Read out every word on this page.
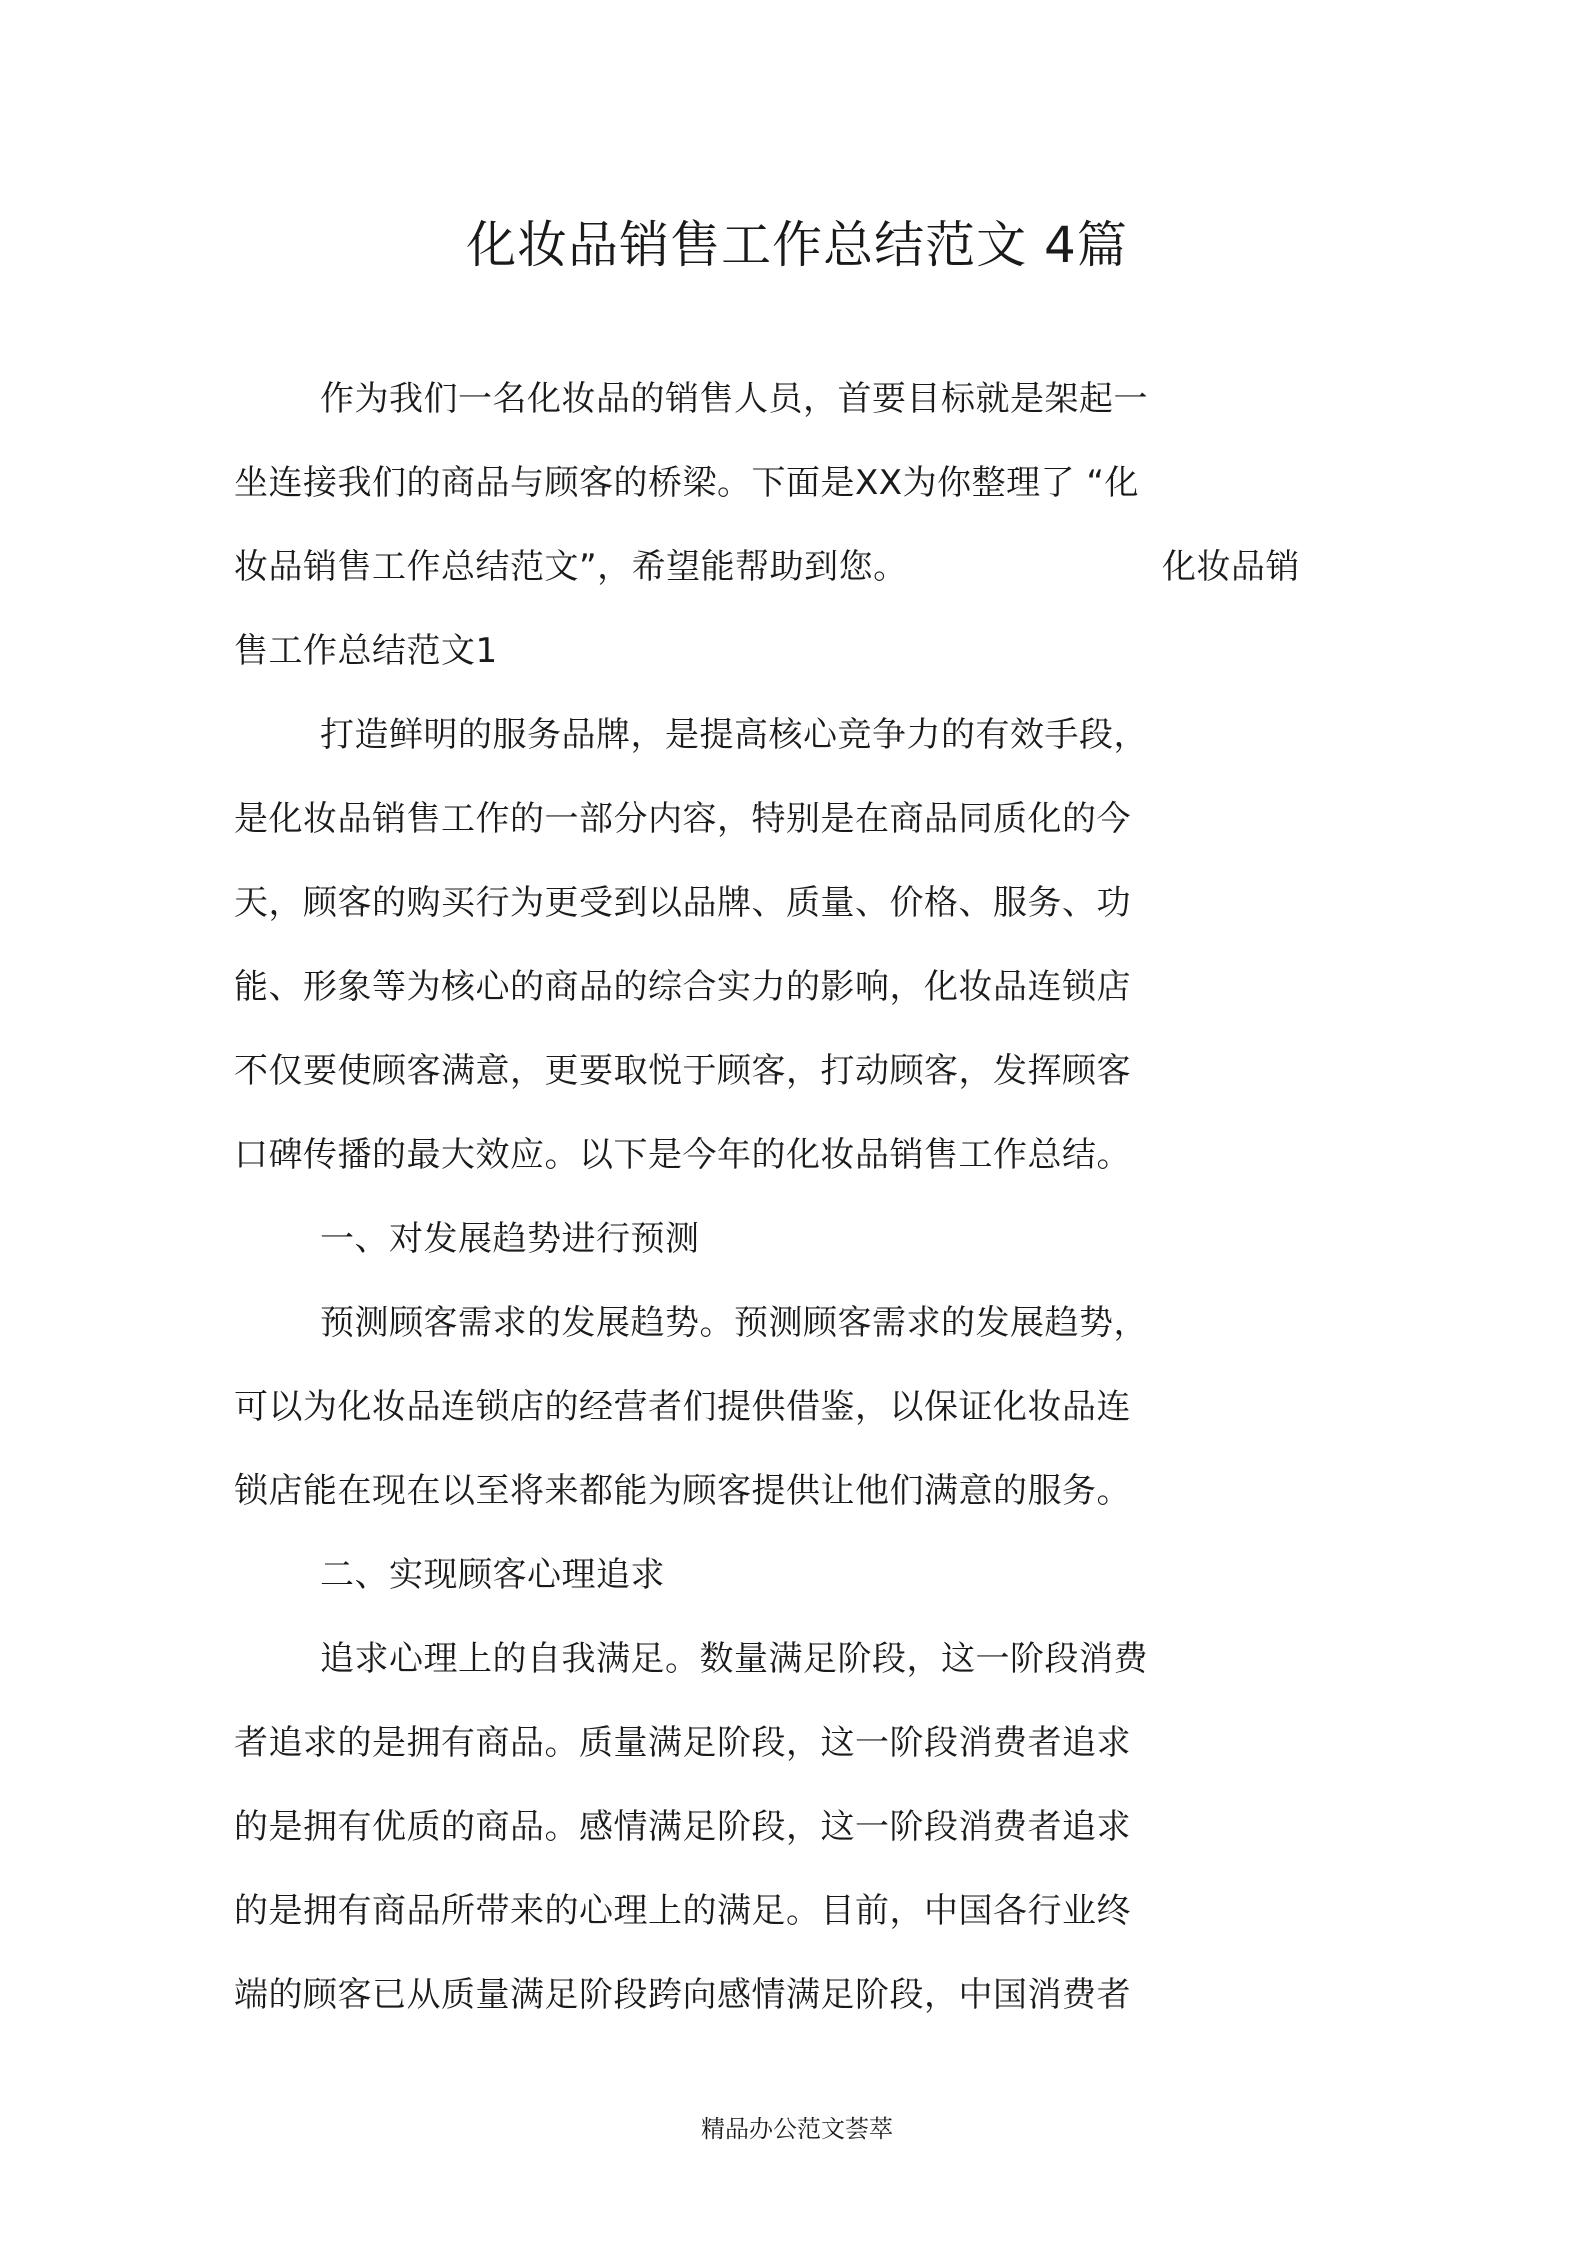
化妆品销售工作总结范文 4篇
作为我们一名化妆品的销售人员，首要目标就是架起一
坐连接我们的商品与顾客的桥梁。下面是XX为你整理了 “化
妆品销售工作总结范文”，希望能帮助到您。	化妆品销
售工作总结范文1
打造鲜明的服务品牌，是提高核心竞争力的有效手段，
是化妆品销售工作的一部分内容，特别是在商品同质化的今
天，顾客的购买行为更受到以品牌、质量、价格、服务、功
能、形象等为核心的商品的综合实力的影响，化妆品连锁店
不仅要使顾客满意，更要取悦于顾客，打动顾客，发挥顾客
口碑传播的最大效应。以下是今年的化妆品销售工作总结。
一、对发展趋势进行预测
预测顾客需求的发展趋势。预测顾客需求的发展趋势，
可以为化妆品连锁店的经营者们提供借鉴，以保证化妆品连
锁店能在现在以至将来都能为顾客提供让他们满意的服务。
二、实现顾客心理追求
追求心理上的自我满足。数量满足阶段，这一阶段消费
者追求的是拥有商品。质量满足阶段，这一阶段消费者追求
的是拥有优质的商品。感情满足阶段，这一阶段消费者追求
的是拥有商品所带来的心理上的满足。目前，中国各行业终
端的顾客已从质量满足阶段跨向感情满足阶段，中国消费者
精品办公范文荟萃
